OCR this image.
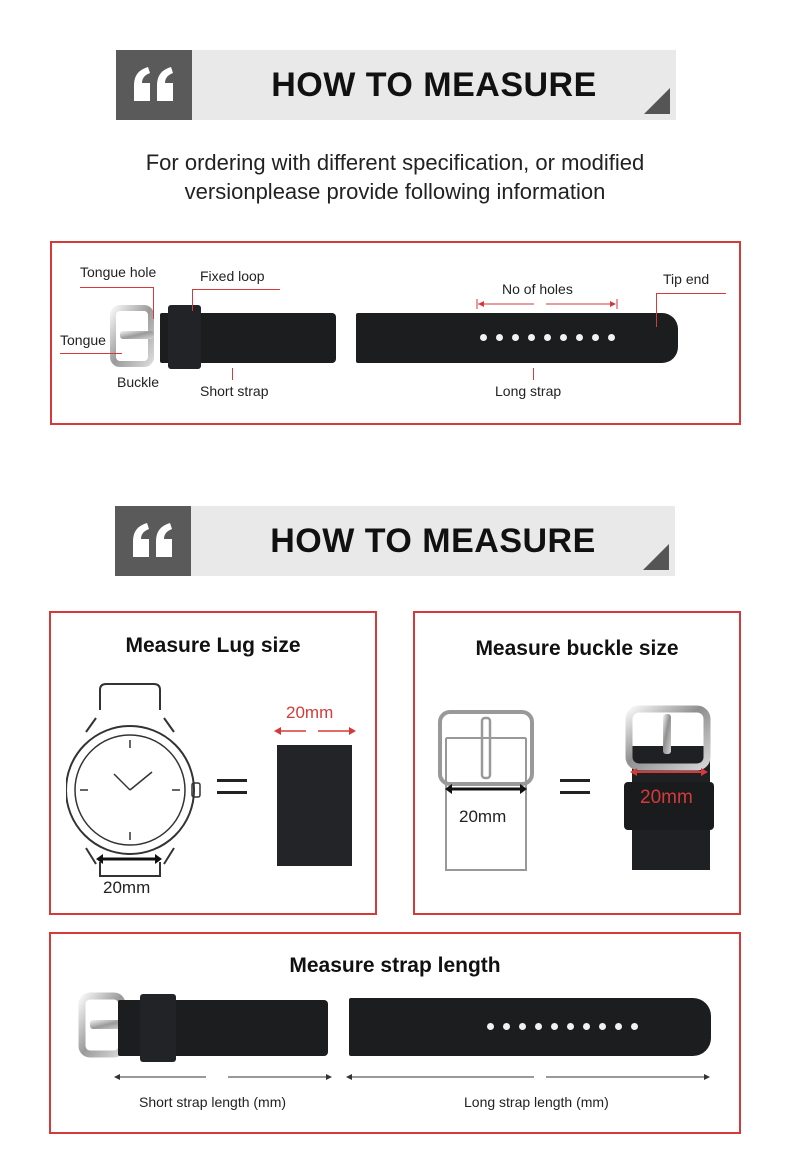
HOW TO MEASURE
For ordering with different specification, or modified
versionplease provide following information
Tongue hole	Fixed loop
Tongue
Buckle
Short strap
No of holes
Tip end
Long strap
HOW TO MEASURE
Measure Lug size
20mm
20mm
Measure buckle size
20mm
20mm
Measure strap length
Short strap length (mm)	Long strap length (mm)
